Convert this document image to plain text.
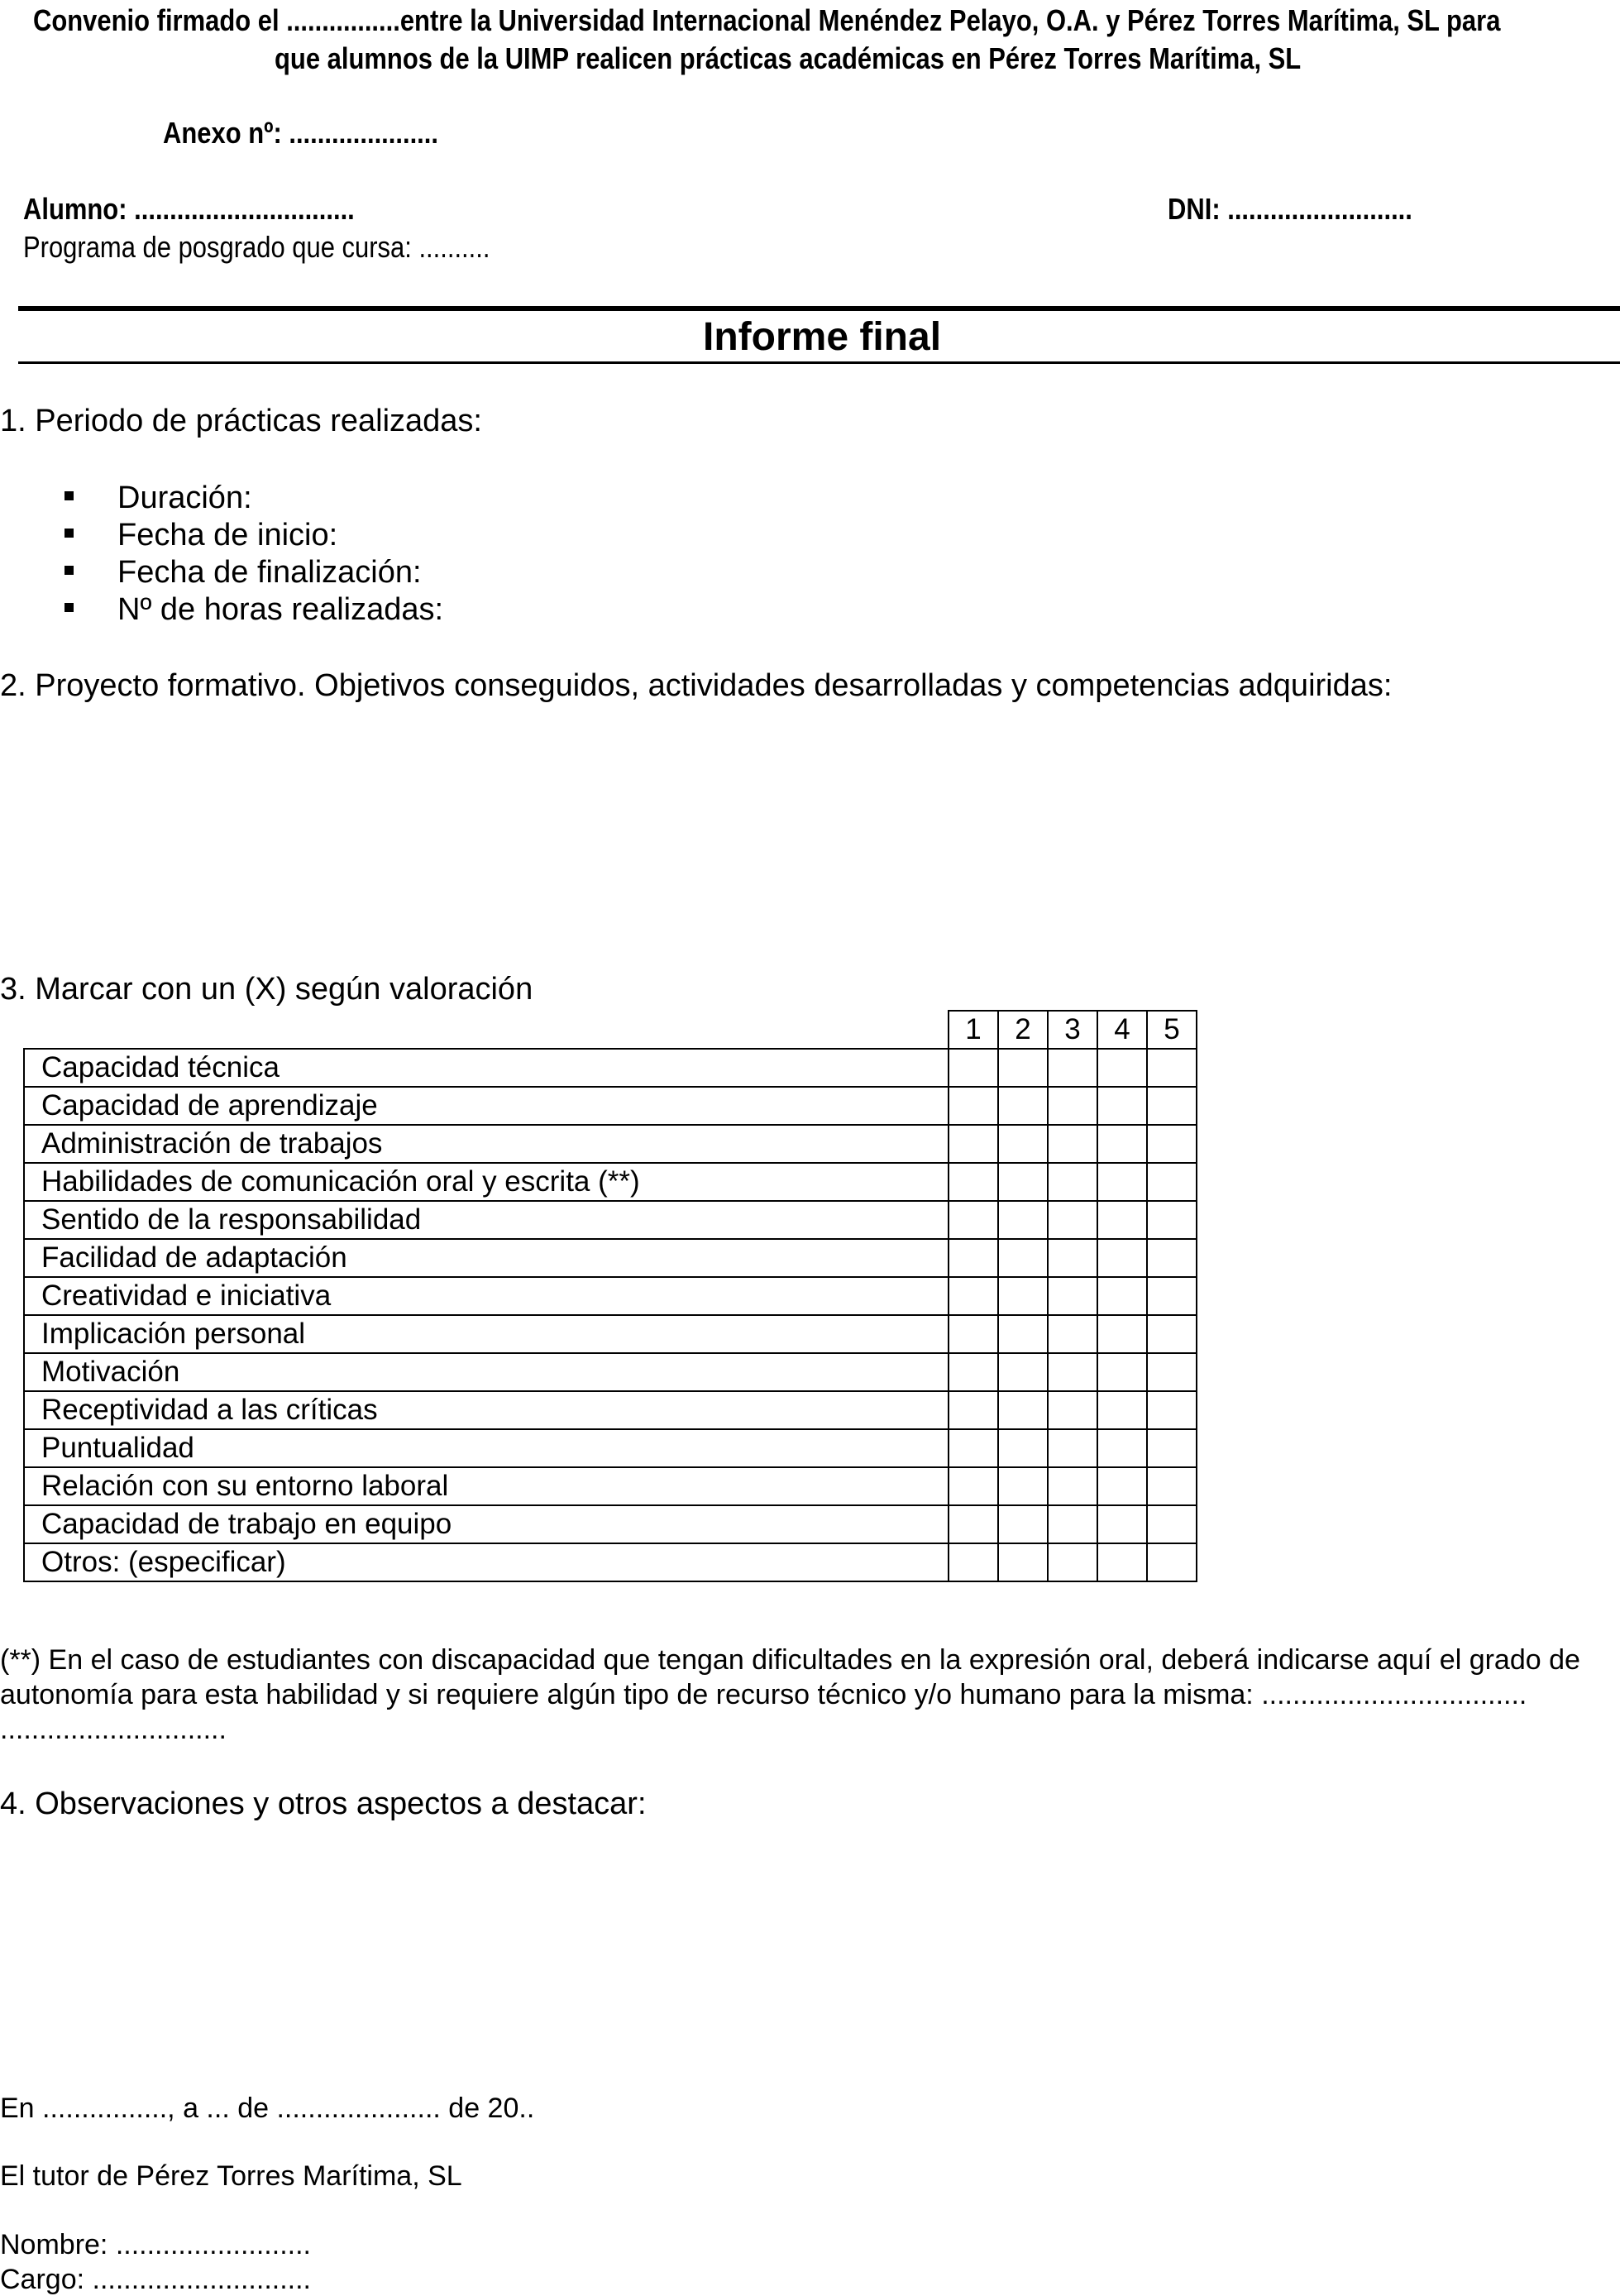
Convenio firmado el ................entre la Universidad Internacional Menéndez Pelayo, O.A. y Pérez Torres Marítima, SL para
que alumnos de la UIMP realicen prácticas académicas en Pérez Torres Marítima, SL
Anexo nº: .....................
Alumno: ...............................	DNI: ..........................
Programa de posgrado que cursa: ..........
Informe final
1. Periodo de prácticas realizadas:
Duración:
Fecha de inicio:
Fecha de finalización:
Nº de horas realizadas:
2. Proyecto formativo. Objetivos conseguidos, actividades desarrolladas y competencias adquiridas:
3. Marcar con un (X) según valoración
	1	2	3	4	5
Capacidad técnica					
Capacidad de aprendizaje					
Administración de trabajos					
Habilidades de comunicación oral y escrita (**)					
Sentido de la responsabilidad					
Facilidad de adaptación					
Creatividad e iniciativa					
Implicación personal					
Motivación					
Receptividad a las críticas					
Puntualidad					
Relación con su entorno laboral					
Capacidad de trabajo en equipo					
Otros: (especificar)					
(**) En el caso de estudiantes con discapacidad que tengan dificultades en la expresión oral, deberá indicarse aquí el grado de
autonomía para esta habilidad y si requiere algún tipo de recurso técnico y/o humano para la misma: ..................................
.............................
4. Observaciones y otros aspectos a destacar:
En ................, a ... de ..................... de 20..
El tutor de Pérez Torres Marítima, SL
Nombre: .........................
Cargo: ............................
